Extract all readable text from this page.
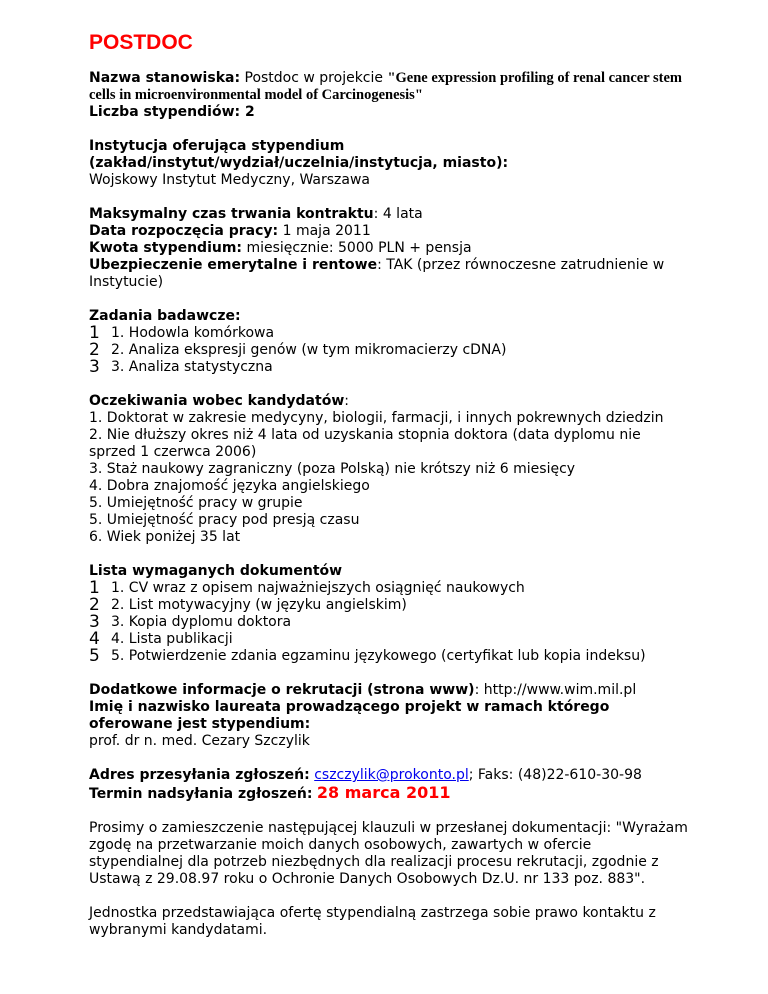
POSTDOC
Nazwa stanowiska: Postdoc w projekcie "Gene expression profiling of renal cancer stem cells in microenvironmental model of Carcinogenesis"
Liczba stypendiów: 2
Instytucja oferująca stypendium (zakład/instytut/wydział/uczelnia/instytucja, miasto):
Wojskowy Instytut Medyczny, Warszawa
Maksymalny czas trwania kontraktu: 4 lata
Data rozpoczęcia pracy: 1 maja 2011
Kwota stypendium: miesięcznie: 5000 PLN + pensja
Ubezpieczenie emerytalne i rentowe: TAK (przez równoczesne zatrudnienie w Instytucie)
Zadania badawcze:
1 1. Hodowla komórkowa
2 2. Analiza ekspresji genów (w tym mikromacierzy cDNA)
3 3. Analiza statystyczna
Oczekiwania wobec kandydatów:
1. Doktorat w zakresie medycyny, biologii, farmacji, i innych pokrewnych dziedzin
2. Nie dłuższy okres niż 4 lata od uzyskania stopnia doktora (data dyplomu nie sprzed 1 czerwca 2006)
3. Staż naukowy zagraniczny (poza Polską) nie krótszy niż 6 miesięcy
4. Dobra znajomość języka angielskiego
5. Umiejętność pracy w grupie
5. Umiejętność pracy pod presją czasu
6. Wiek poniżej 35 lat
Lista wymaganych dokumentów
1 1. CV wraz z opisem najważniejszych osiągnięć naukowych
2 2. List motywacyjny (w języku angielskim)
3 3. Kopia dyplomu doktora
4 4. Lista publikacji
5 5. Potwierdzenie zdania egzaminu językowego (certyfikat lub kopia indeksu)
Dodatkowe informacje o rekrutacji (strona www): http://www.wim.mil.pl
Imię i nazwisko laureata prowadzącego projekt w ramach którego oferowane jest stypendium:
prof. dr n. med. Cezary Szczylik
Adres przesyłania zgłoszeń: cszczylik@prokonto.pl; Faks: (48)22-610-30-98
Termin nadsyłania zgłoszeń: 28 marca 2011
Prosimy o zamieszczenie następującej klauzuli w przesłanej dokumentacji: "Wyrażam zgodę na przetwarzanie moich danych osobowych, zawartych w ofercie stypendialnej dla potrzeb niezbędnych dla realizacji procesu rekrutacji, zgodnie z Ustawą z 29.08.97 roku o Ochronie Danych Osobowych Dz.U. nr 133 poz. 883".
Jednostka przedstawiająca ofertę stypendialną zastrzega sobie prawo kontaktu z wybranymi kandydatami.
